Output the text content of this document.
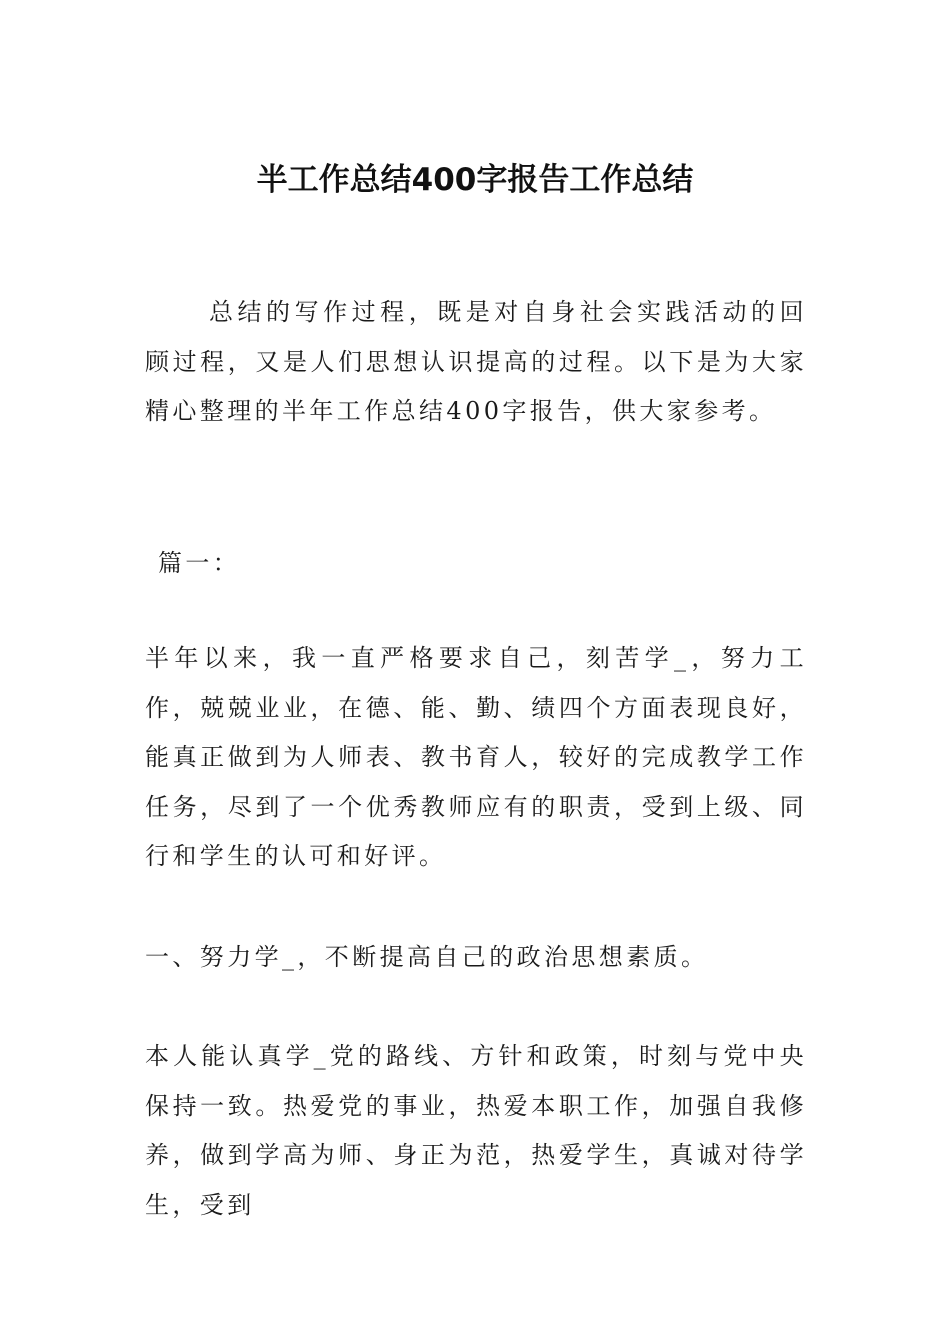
半工作总结400字报告工作总结

总结的写作过程，既是对自身社会实践活动的回顾过程，又是人们思想认识提高的过程。以下是为大家精心整理的半年工作总结400字报告，供大家参考。

篇一：

半年以来，我一直严格要求自己，刻苦学_，努力工作，兢兢业业，在德、能、勤、绩四个方面表现良好，能真正做到为人师表、教书育人，较好的完成教学工作任务，尽到了一个优秀教师应有的职责，受到上级、同行和学生的认可和好评。

一、努力学_，不断提高自己的政治思想素质。

本人能认真学_党的路线、方针和政策，时刻与党中央保持一致。热爱党的事业，热爱本职工作，加强自我修养，做到学高为师、身正为范，热爱学生，真诚对待学生，受到
